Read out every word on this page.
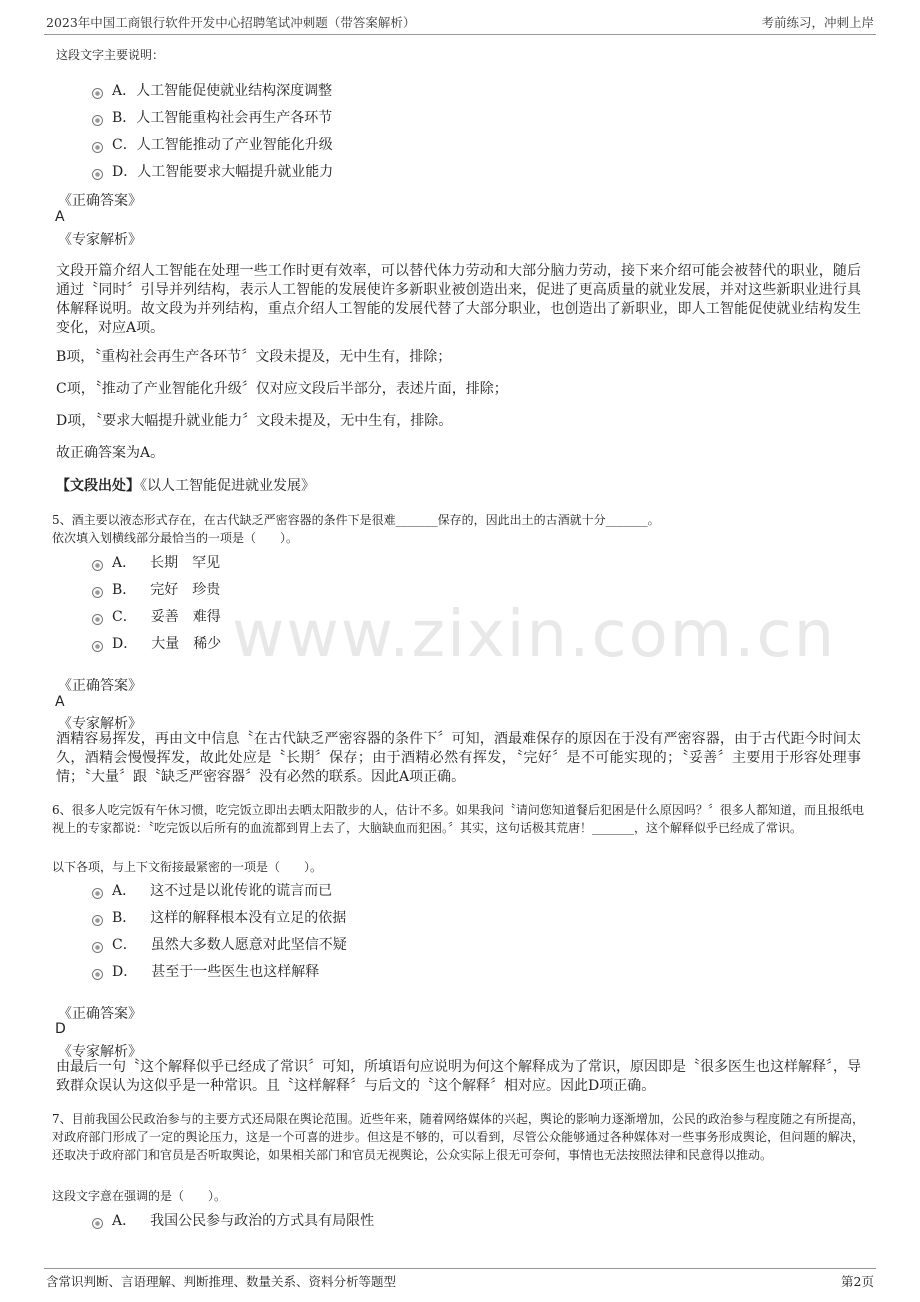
2023年中国工商银行软件开发中心招聘笔试冲刺题（带答案解析）	考前练习，冲刺上岸
www.zixin.com.cn
这段文字主要说明：
A． 人工智能促使就业结构深度调整
B． 人工智能重构社会再生产各环节
C． 人工智能推动了产业智能化升级
D． 人工智能要求大幅提升就业能力
《正确答案》
A
《专家解析》
文段开篇介绍人工智能在处理一些工作时更有效率，可以替代体力劳动和大部分脑力劳动，接下来介绍可能会被替代的职业，随后通过〝同时〞引导并列结构，表示人工智能的发展使许多新职业被创造出来，促进了更高质量的就业发展，并对这些新职业进行具体解释说明。故文段为并列结构，重点介绍人工智能的发展代替了大部分职业，也创造出了新职业，即人工智能促使就业结构发生变化，对应A项。
B项，〝重构社会再生产各环节〞文段未提及，无中生有，排除；
C项，〝推动了产业智能化升级〞仅对应文段后半部分，表述片面，排除；
D项，〝要求大幅提升就业能力〞文段未提及，无中生有，排除。
故正确答案为A。
【文段出处】《以人工智能促进就业发展》
5、酒主要以液态形式存在，在古代缺乏严密容器的条件下是很难_______保存的，因此出土的古酒就十分_______。
依次填入划横线部分最恰当的一项是（　　）。
A． 长期　罕见
B． 完好　珍贵
C． 妥善　难得
D． 大量　稀少
《正确答案》
A
《专家解析》
酒精容易挥发，再由文中信息〝在古代缺乏严密容器的条件下〞可知，酒最难保存的原因在于没有严密容器，由于古代距今时间太久，酒精会慢慢挥发，故此处应是〝长期〞保存；由于酒精必然有挥发，〝完好〞是不可能实现的；〝妥善〞主要用于形容处理事情；〝大量〞跟〝缺乏严密容器〞没有必然的联系。因此A项正确。
6、很多人吃完饭有午休习惯，吃完饭立即出去晒太阳散步的人，估计不多。如果我问〝请问您知道餐后犯困是什么原因吗？〞很多人都知道，而且报纸电视上的专家都说：〝吃完饭以后所有的血流都到胃上去了，大脑缺血而犯困。〞其实，这句话极其荒唐！_______，这个解释似乎已经成了常识。
以下各项，与上下文衔接最紧密的一项是（　　）。
A． 这不过是以讹传讹的谎言而已
B． 这样的解释根本没有立足的依据
C． 虽然大多数人愿意对此坚信不疑
D． 甚至于一些医生也这样解释
《正确答案》
D
《专家解析》
由最后一句〝这个解释似乎已经成了常识〞可知，所填语句应说明为何这个解释成为了常识，原因即是〝很多医生也这样解释〞，导致群众误认为这似乎是一种常识。且〝这样解释〞与后文的〝这个解释〞相对应。因此D项正确。
7、目前我国公民政治参与的主要方式还局限在舆论范围。近些年来，随着网络媒体的兴起，舆论的影响力逐渐增加，公民的政治参与程度随之有所提高，对政府部门形成了一定的舆论压力，这是一个可喜的进步。但这是不够的，可以看到，尽管公众能够通过各种媒体对一些事务形成舆论，但问题的解决，还取决于政府部门和官员是否听取舆论，如果相关部门和官员无视舆论，公众实际上很无可奈何，事情也无法按照法律和民意得以推动。
这段文字意在强调的是（　　）。
A． 我国公民参与政治的方式具有局限性
含常识判断、言语理解、判断推理、数量关系、资料分析等题型	第2页
